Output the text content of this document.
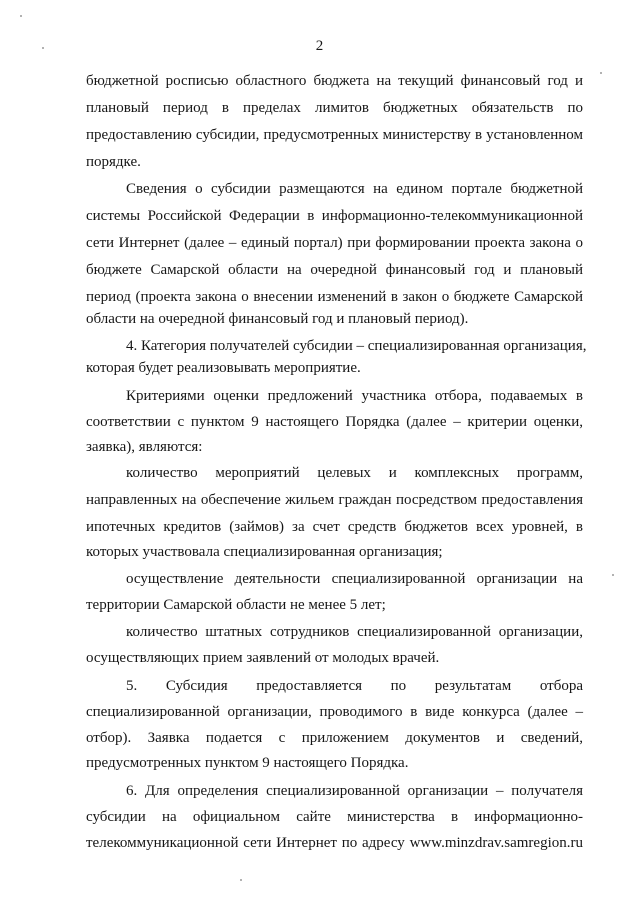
2
бюджетной росписью областного бюджета на текущий финансовый год и
плановый период в пределах лимитов бюджетных обязательств по
предоставлению субсидии, предусмотренных министерству в установленном
порядке.
Сведения о субсидии размещаются на едином портале бюджетной
системы Российской Федерации в информационно-телекоммуникационной
сети Интернет (далее – единый портал) при формировании проекта закона о
бюджете Самарской области на очередной финансовый год и плановый
период (проекта закона о внесении изменений в закон о бюджете Самарской
области на очередной финансовый год и плановый период).
4. Категория получателей субсидии – специализированная организация,
которая будет реализовывать мероприятие.
Критериями оценки предложений участника отбора, подаваемых в
соответствии с пунктом 9 настоящего Порядка (далее – критерии оценки,
заявка), являются:
количество мероприятий целевых и комплексных программ,
направленных на обеспечение жильем граждан посредством предоставления
ипотечных кредитов (займов) за счет средств бюджетов всех уровней, в
которых участвовала специализированная организация;
осуществление деятельности специализированной организации на
территории Самарской области не менее 5 лет;
количество штатных сотрудников специализированной организации,
осуществляющих прием заявлений от молодых врачей.
5. Субсидия предоставляется по результатам отбора
специализированной организации, проводимого в виде конкурса (далее –
отбор). Заявка подается с приложением документов и сведений,
предусмотренных пунктом 9 настоящего Порядка.
6. Для определения специализированной организации – получателя
субсидии на официальном сайте министерства в информационно-
телекоммуникационной сети Интернет по адресу www.minzdrav.samregion.ru
